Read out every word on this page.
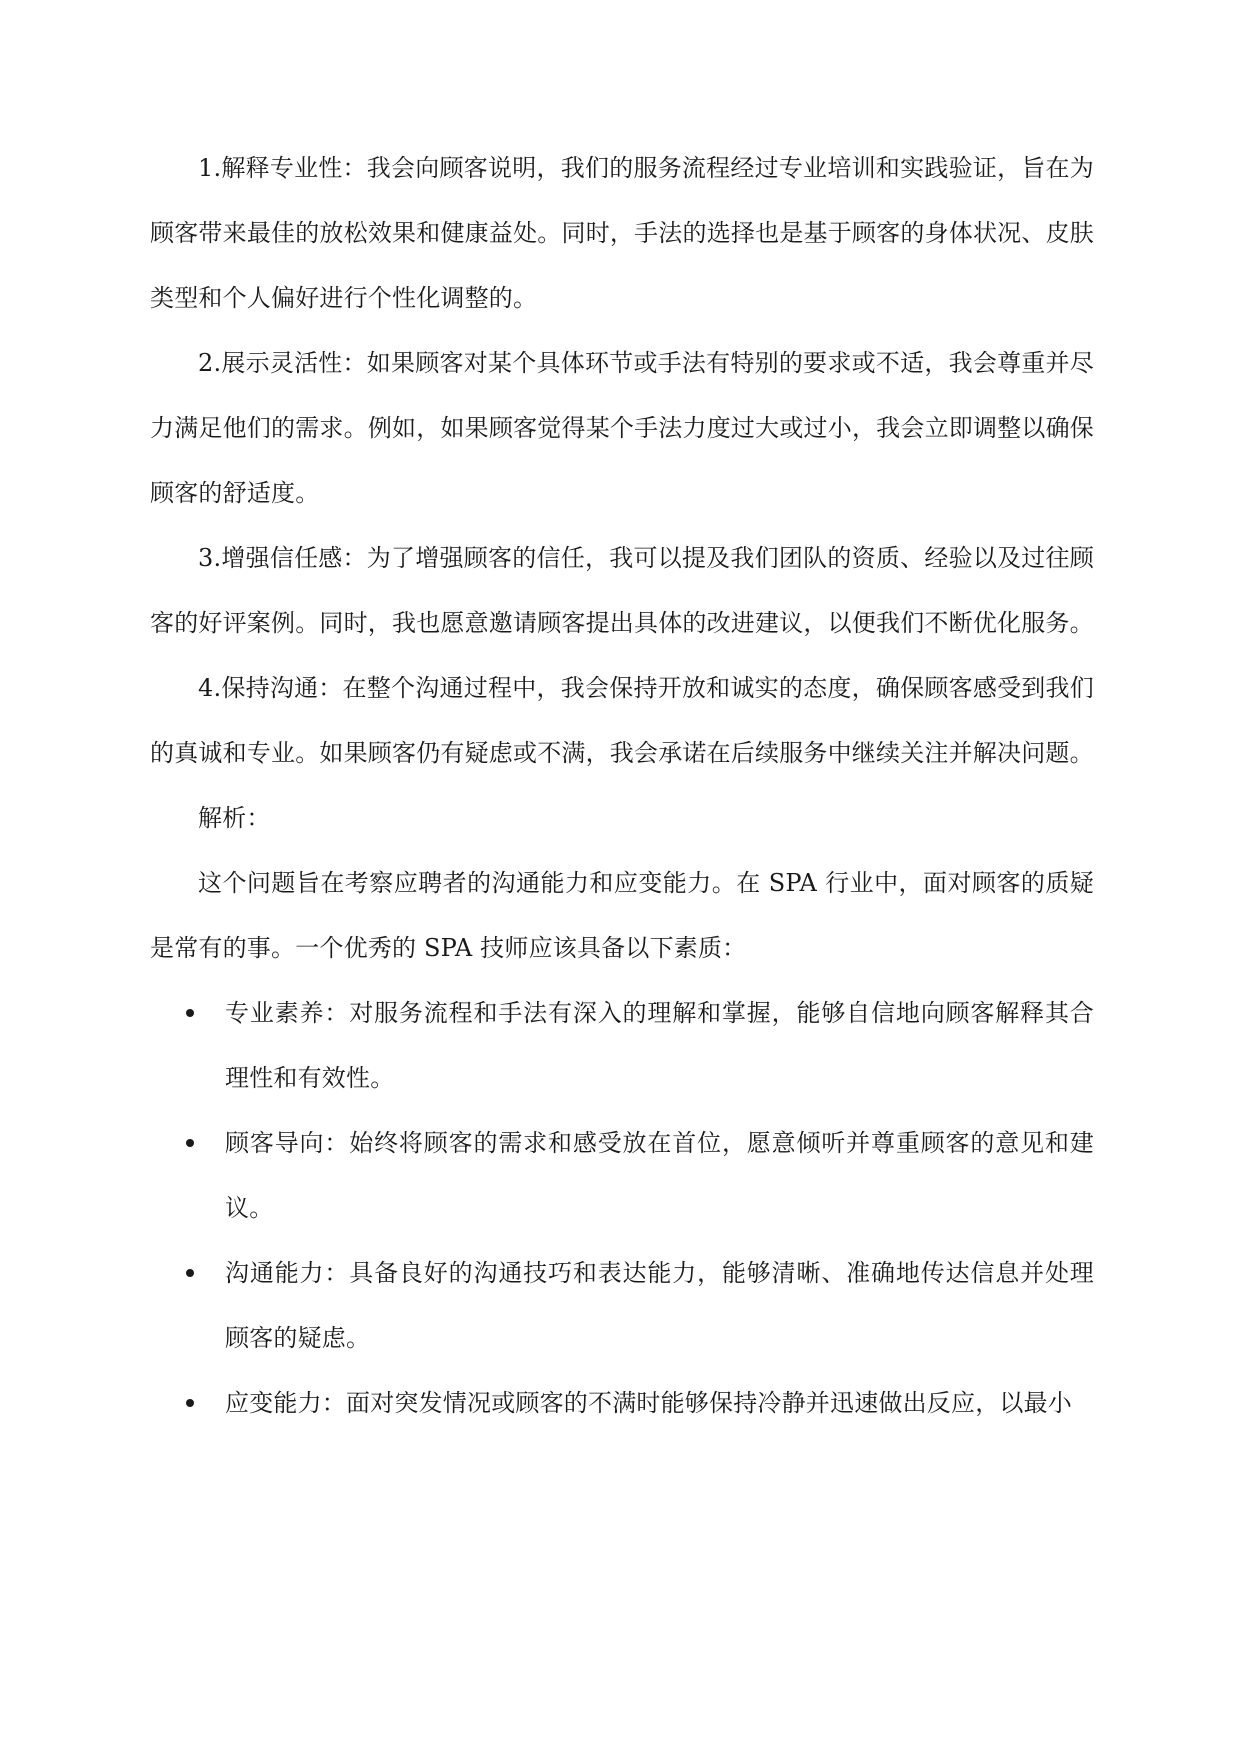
1.解释专业性：我会向顾客说明，我们的服务流程经过专业培训和实践验证，旨在为顾客带来最佳的放松效果和健康益处。同时，手法的选择也是基于顾客的身体状况、皮肤类型和个人偏好进行个性化调整的。

2.展示灵活性：如果顾客对某个具体环节或手法有特别的要求或不适，我会尊重并尽力满足他们的需求。例如，如果顾客觉得某个手法力度过大或过小，我会立即调整以确保顾客的舒适度。

3.增强信任感：为了增强顾客的信任，我可以提及我们团队的资质、经验以及过往顾客的好评案例。同时，我也愿意邀请顾客提出具体的改进建议，以便我们不断优化服务。

4.保持沟通：在整个沟通过程中，我会保持开放和诚实的态度，确保顾客感受到我们的真诚和专业。如果顾客仍有疑虑或不满，我会承诺在后续服务中继续关注并解决问题。

解析：

这个问题旨在考察应聘者的沟通能力和应变能力。在 SPA 行业中，面对顾客的质疑是常有的事。一个优秀的 SPA 技师应该具备以下素质：

专业素养：对服务流程和手法有深入的理解和掌握，能够自信地向顾客解释其合理性和有效性。
顾客导向：始终将顾客的需求和感受放在首位，愿意倾听并尊重顾客的意见和建议。
沟通能力：具备良好的沟通技巧和表达能力，能够清晰、准确地传达信息并处理顾客的疑虑。
应变能力：面对突发情况或顾客的不满时能够保持冷静并迅速做出反应，以最小
